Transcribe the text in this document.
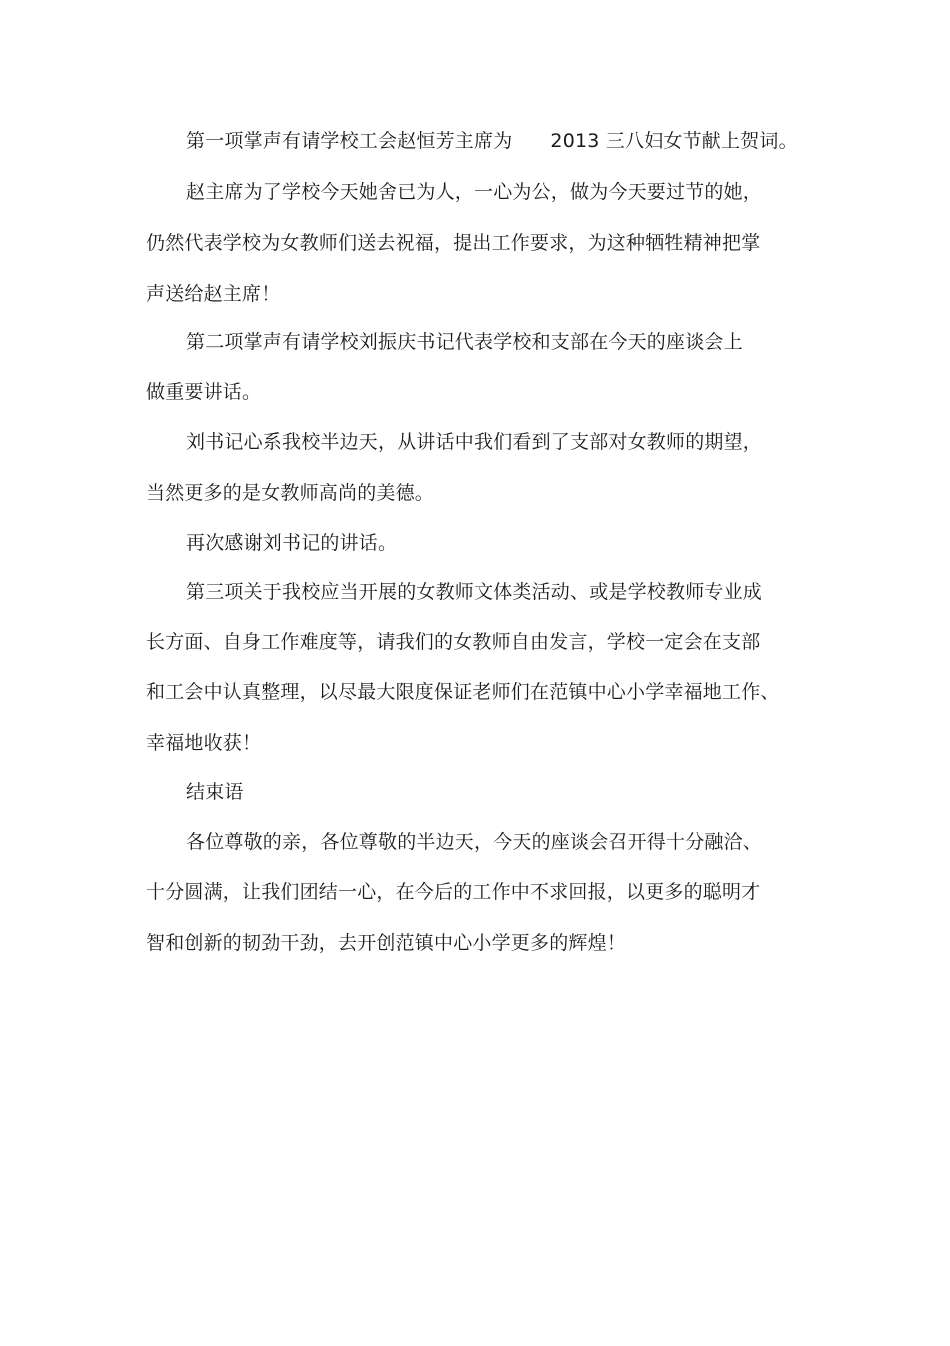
第一项掌声有请学校工会赵恒芳主席为 2013 三八妇女节献上贺词。
赵主席为了学校今天她舍已为人，一心为公，做为今天要过节的她，
仍然代表学校为女教师们送去祝福，提出工作要求，为这种牺牲精神把掌
声送给赵主席！
第二项掌声有请学校刘振庆书记代表学校和支部在今天的座谈会上
做重要讲话。
刘书记心系我校半边天，从讲话中我们看到了支部对女教师的期望，
当然更多的是女教师高尚的美德。
再次感谢刘书记的讲话。
第三项关于我校应当开展的女教师文体类活动、或是学校教师专业成
长方面、自身工作难度等，请我们的女教师自由发言，学校一定会在支部
和工会中认真整理，以尽最大限度保证老师们在范镇中心小学幸福地工作、
幸福地收获！
结束语
各位尊敬的亲，各位尊敬的半边天，今天的座谈会召开得十分融洽、
十分圆满，让我们团结一心，在今后的工作中不求回报，以更多的聪明才
智和创新的韧劲干劲，去开创范镇中心小学更多的辉煌！
